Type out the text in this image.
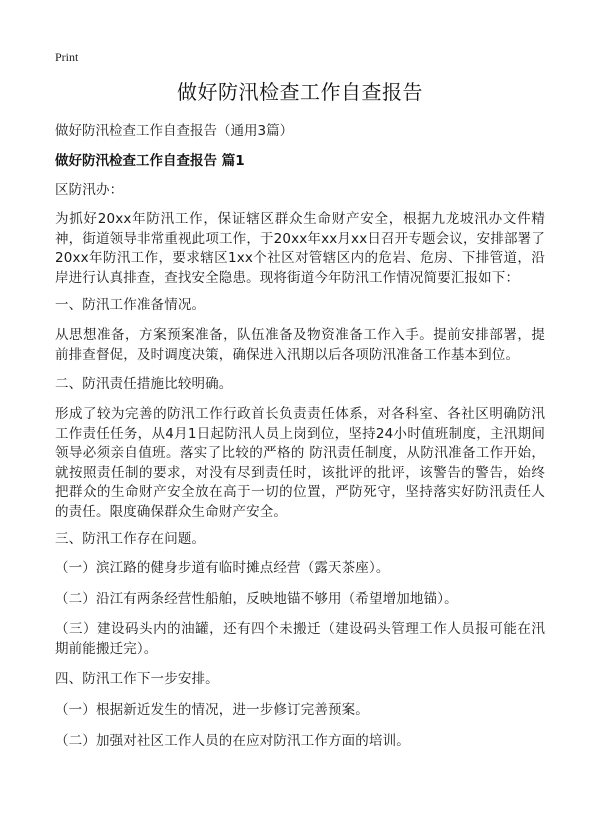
Print
做好防汛检查工作自查报告
做好防汛检查工作自查报告（通用3篇）
做好防汛检查工作自查报告 篇1

区防汛办：

为抓好20xx年防汛工作，保证辖区群众生命财产安全，根据九龙坡汛办文件精神，街道领导非常重视此项工作，于20xx年xx月xx日召开专题会议，安排部署了20xx年防汛工作，要求辖区1xx个社区对管辖区内的危岩、危房、下排管道，沿岸进行认真排查，查找安全隐患。现将街道今年防汛工作情况简要汇报如下：

一、防汛工作准备情况。

从思想准备，方案预案准备，队伍准备及物资准备工作入手。提前安排部署，提前排查督促，及时调度决策，确保进入汛期以后各项防汛准备工作基本到位。

二、防汛责任措施比较明确。

形成了较为完善的防汛工作行政首长负责责任体系，对各科室、各社区明确防汛工作责任任务，从4月1日起防汛人员上岗到位，坚持24小时值班制度，主汛期间领导必须亲自值班。落实了比较的严格的 防汛责任制度，从防汛准备工作开始，就按照责任制的要求，对没有尽到责任时，该批评的批评，该警告的警告，始终把群众的生命财产安全放在高于一切的位置，严防死守，坚持落实好防汛责任人的责任。限度确保群众生命财产安全。

三、防汛工作存在问题。

（一）滨江路的健身步道有临时摊点经营（露天茶座）。

（二）沿江有两条经营性船舶，反映地锚不够用（希望增加地锚）。

（三）建设码头内的油罐，还有四个未搬迁（建设码头管理工作人员报可能在汛期前能搬迁完）。

四、防汛工作下一步安排。

（一）根据新近发生的情况，进一步修订完善预案。

（二）加强对社区工作人员的在应对防汛工作方面的培训。
